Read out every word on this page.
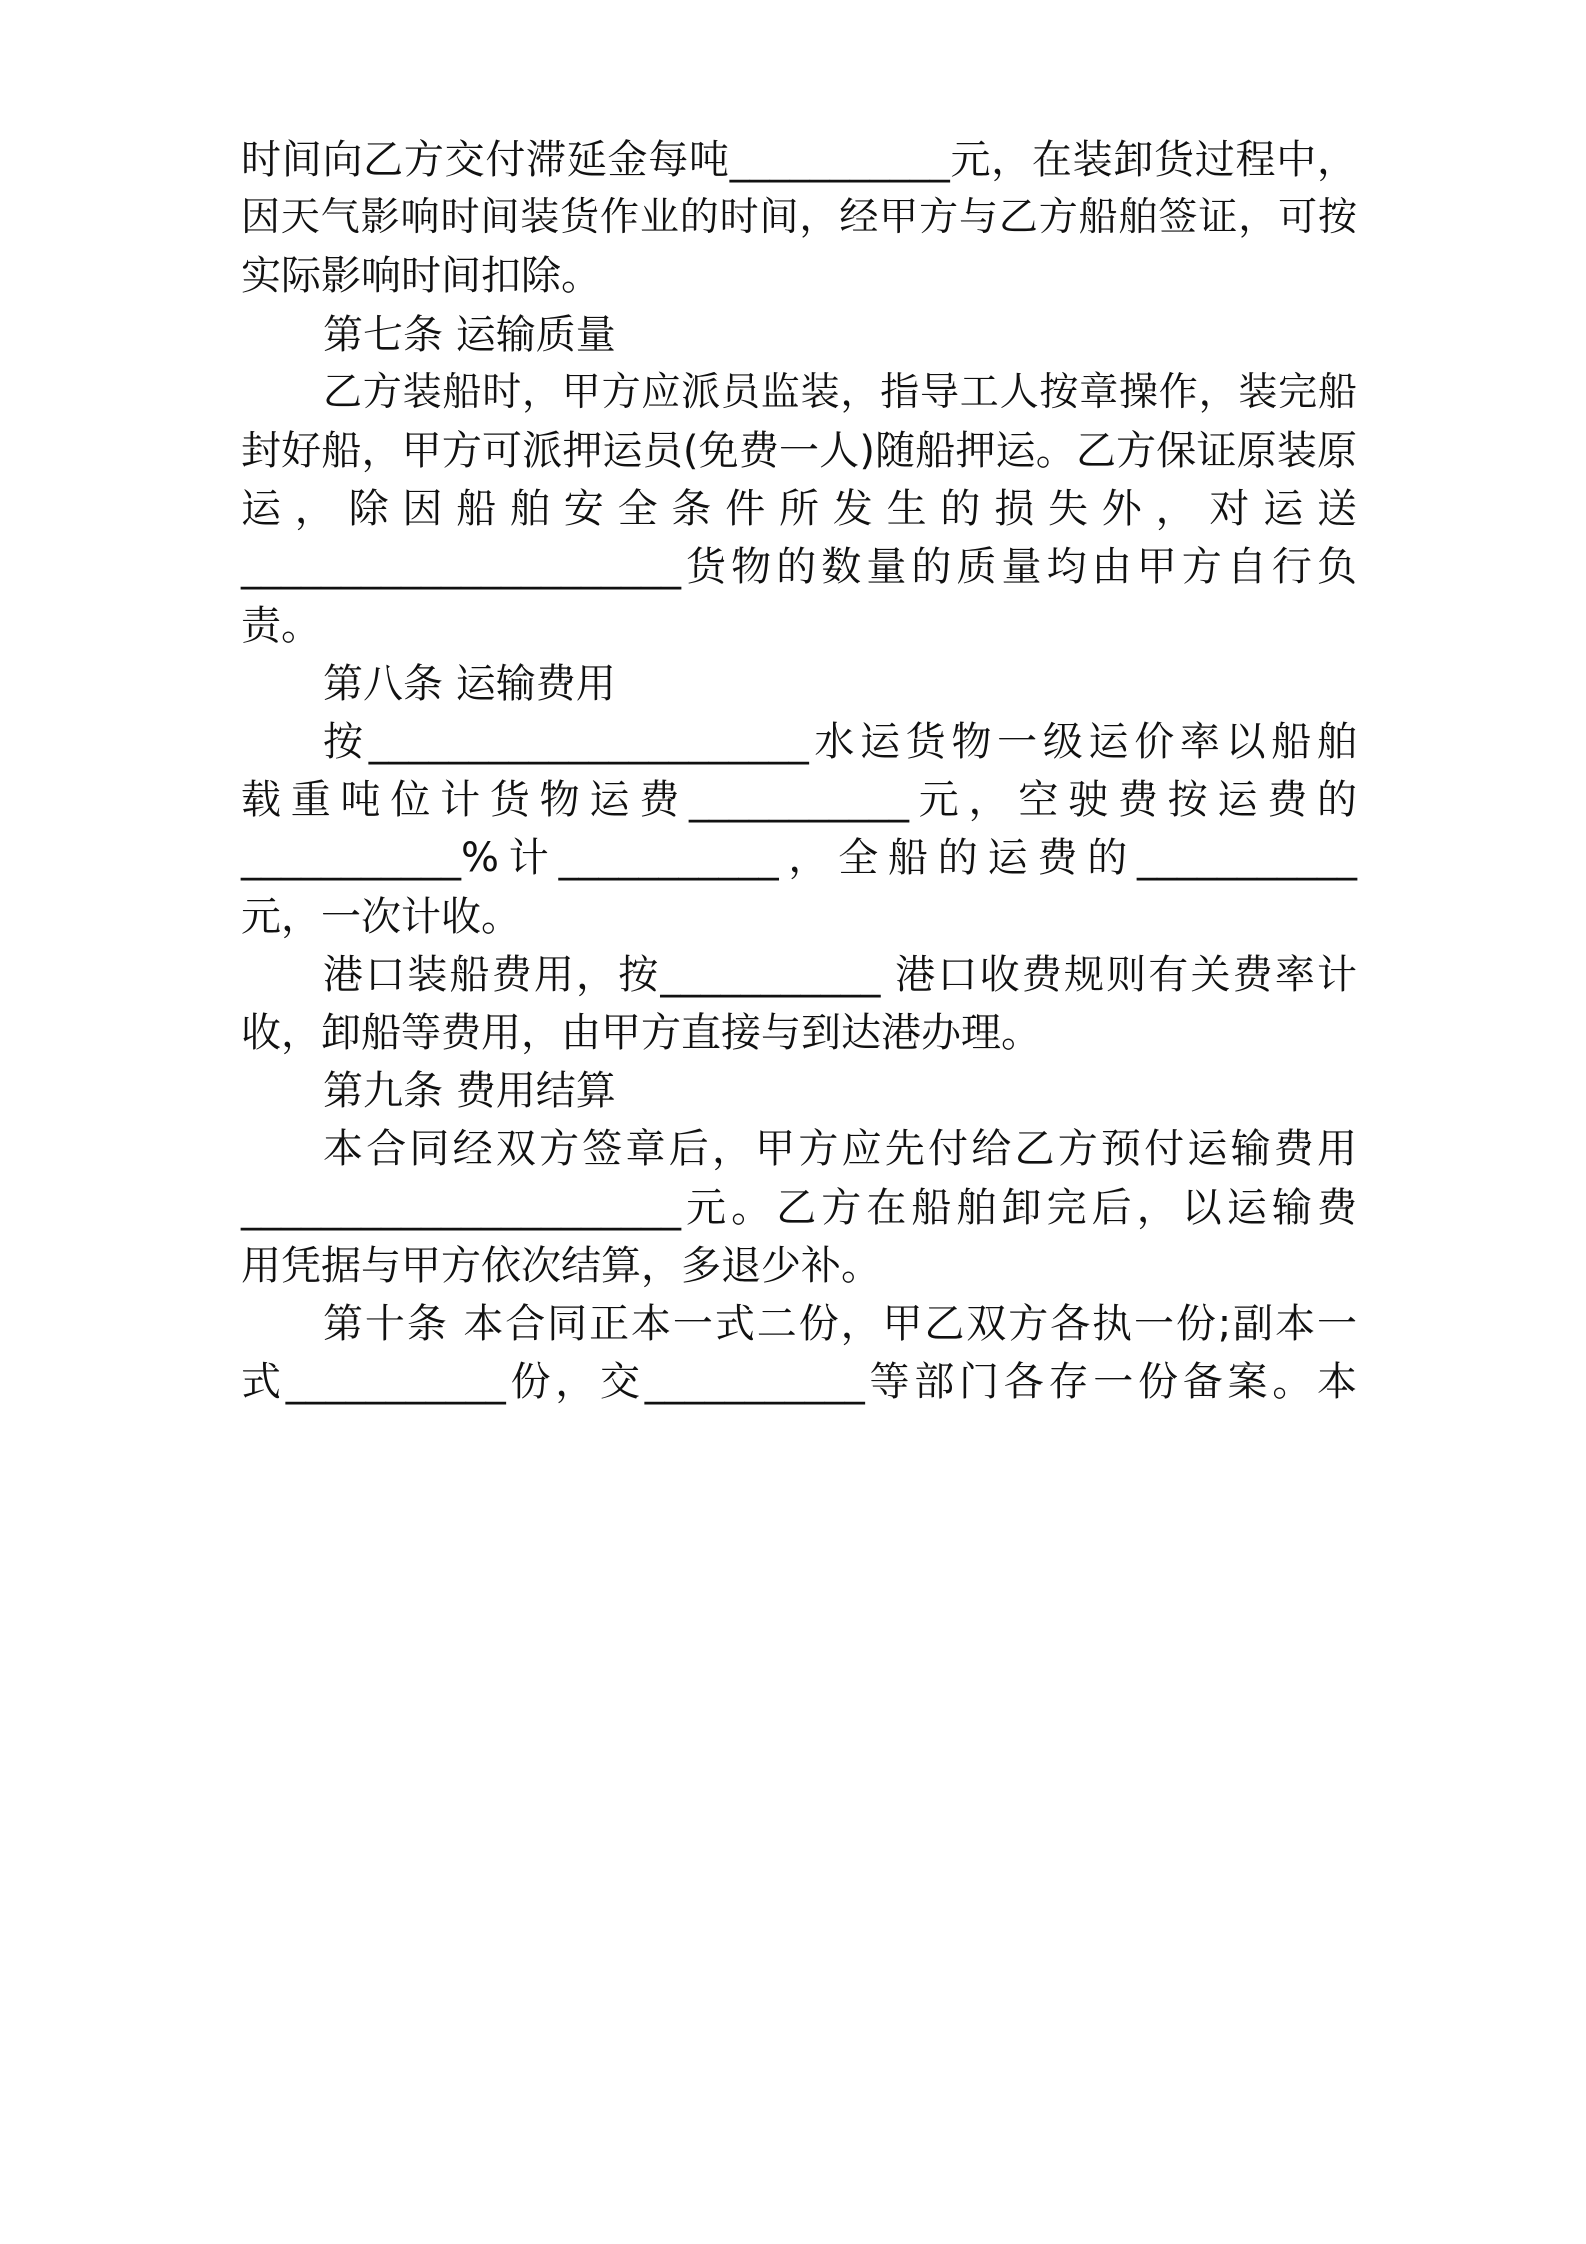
时间向乙方交付滞延金每吨___________元，在装卸货过程中，
因天气影响时间装货作业的时间，经甲方与乙方船舶签证，可按
实际影响时间扣除。
第七条 运输质量
乙方装船时，甲方应派员监装，指导工人按章操作，装完船
封好船，甲方可派押运员(免费一人)随船押运。乙方保证原装原
运，除因船舶安全条件所发生的损失外，对运送
______________________货物的数量的质量均由甲方自行负
责。
第八条 运输费用
按______________________水运货物一级运价率以船舶
载重吨位计货物运费___________元，空驶费按运费的
___________%计___________，全船的运费的___________
元，一次计收。
港口装船费用，按___________ 港口收费规则有关费率计
收，卸船等费用，由甲方直接与到达港办理。
第九条 费用结算
本合同经双方签章后，甲方应先付给乙方预付运输费用
______________________元。乙方在船舶卸完后，以运输费
用凭据与甲方依次结算，多退少补。
第十条 本合同正本一式二份，甲乙双方各执一份;副本一
式___________份，交___________等部门各存一份备案。本
